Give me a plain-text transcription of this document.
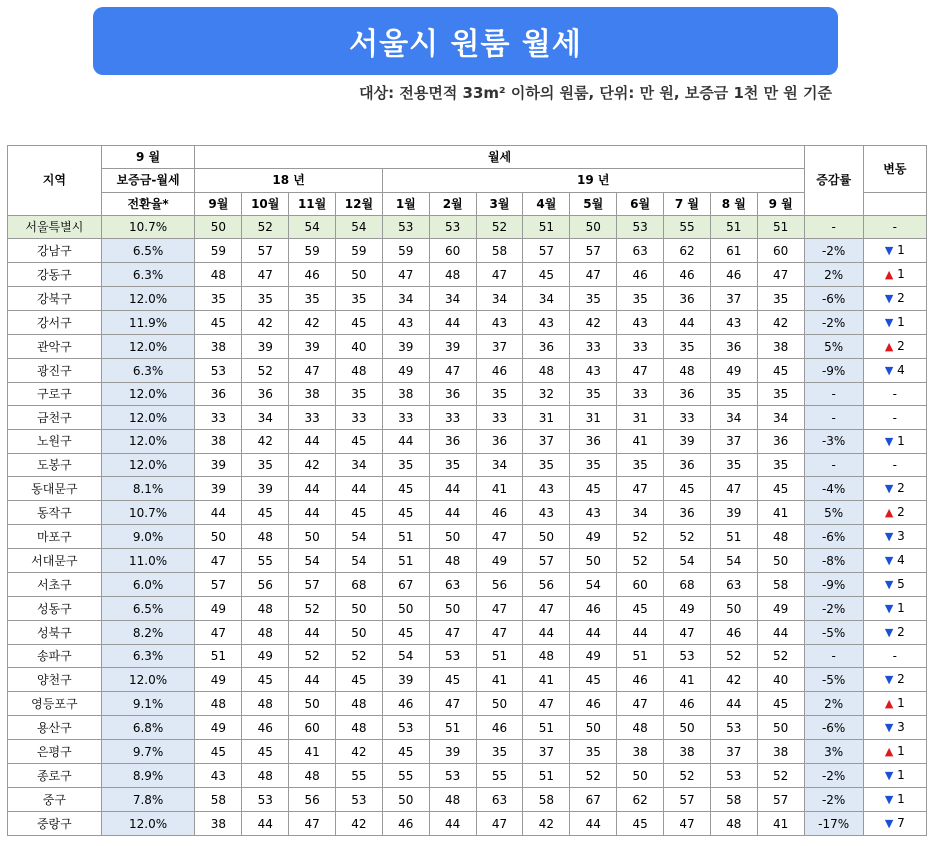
서울시 원룸 월세
대상: 전용면적 33m² 이하의 원룸, 단위: 만 원, 보증금 1천 만 원 기준
지역	9 월	월세													증감률	변동
	보증금-월세	18 년				19 년										
	전환율*	9월	10월	11월	12월	1월	2월	3월	4월	5월	6월	7 월	8 월	9 월		
서울특별시	10.7%	50	52	54	54	53	53	52	51	50	53	55	51	51	-	-
강남구	6.5%	59	57	59	59	59	60	58	57	57	63	62	61	60	-2%	▼ 1
강동구	6.3%	48	47	46	50	47	48	47	45	47	46	46	46	47	2%	▲ 1
강북구	12.0%	35	35	35	35	34	34	34	34	35	35	36	37	35	-6%	▼ 2
강서구	11.9%	45	42	42	45	43	44	43	43	42	43	44	43	42	-2%	▼ 1
관악구	12.0%	38	39	39	40	39	39	37	36	33	33	35	36	38	5%	▲ 2
광진구	6.3%	53	52	47	48	49	47	46	48	43	47	48	49	45	-9%	▼ 4
구로구	12.0%	36	36	38	35	38	36	35	32	35	33	36	35	35	-	-
금천구	12.0%	33	34	33	33	33	33	33	31	31	31	33	34	34	-	-
노원구	12.0%	38	42	44	45	44	36	36	37	36	41	39	37	36	-3%	▼ 1
도봉구	12.0%	39	35	42	34	35	35	34	35	35	35	36	35	35	-	-
동대문구	8.1%	39	39	44	44	45	44	41	43	45	47	45	47	45	-4%	▼ 2
동작구	10.7%	44	45	44	45	45	44	46	43	43	34	36	39	41	5%	▲ 2
마포구	9.0%	50	48	50	54	51	50	47	50	49	52	52	51	48	-6%	▼ 3
서대문구	11.0%	47	55	54	54	51	48	49	57	50	52	54	54	50	-8%	▼ 4
서초구	6.0%	57	56	57	68	67	63	56	56	54	60	68	63	58	-9%	▼ 5
성동구	6.5%	49	48	52	50	50	50	47	47	46	45	49	50	49	-2%	▼ 1
성북구	8.2%	47	48	44	50	45	47	47	44	44	44	47	46	44	-5%	▼ 2
송파구	6.3%	51	49	52	52	54	53	51	48	49	51	53	52	52	-	-
양천구	12.0%	49	45	44	45	39	45	41	41	45	46	41	42	40	-5%	▼ 2
영등포구	9.1%	48	48	50	48	46	47	50	47	46	47	46	44	45	2%	▲ 1
용산구	6.8%	49	46	60	48	53	51	46	51	50	48	50	53	50	-6%	▼ 3
은평구	9.7%	45	45	41	42	45	39	35	37	35	38	38	37	38	3%	▲ 1
종로구	8.9%	43	48	48	55	55	53	55	51	52	50	52	53	52	-2%	▼ 1
중구	7.8%	58	53	56	53	50	48	63	58	67	62	57	58	57	-2%	▼ 1
중랑구	12.0%	38	44	47	42	46	44	47	42	44	45	47	48	41	-17%	▼ 7
